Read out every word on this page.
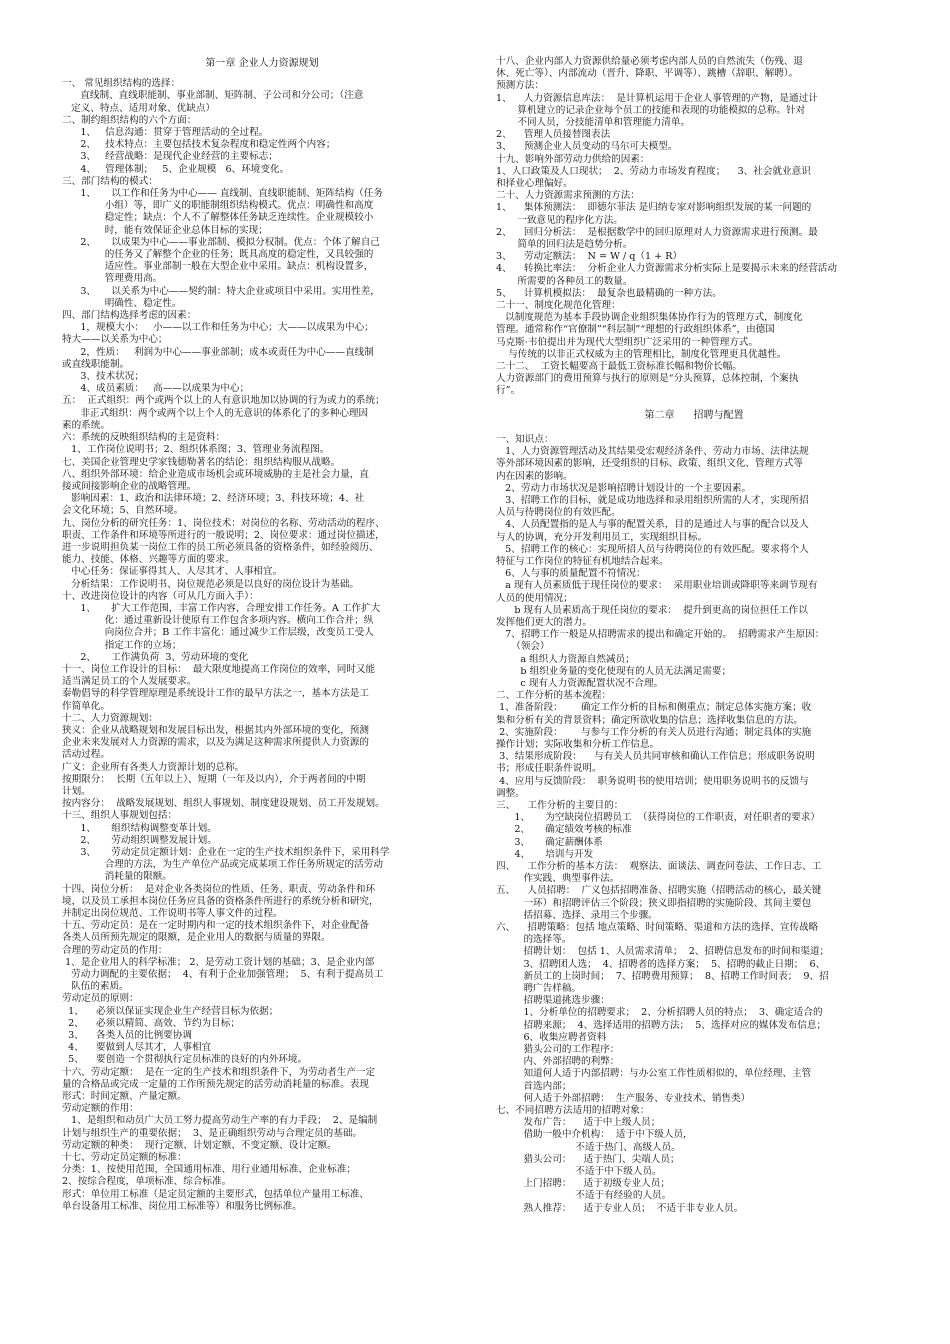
第一章 企业人力资源规划

一、 常见组织结构的选择：

直线制、直线职能制、事业部制、矩阵制、子公司和分公司；（注意

定义、特点、适用对象、优缺点）

二、制约组织结构的六个方面：

1、   信息沟通：贯穿于管理活动的全过程。

2、   技术特点：主要包括技术复杂程度和稳定性两个内容；

3、   经营战略：是现代企业经营的主要标志；

4、   管理体制；   5、企业规模   6、环境变化。

三、部门结构的模式：

1、     以工作和任务为中心—— 直线制、直线职能制、矩阵结构（任务

小组）等，即广义的职能制组织结构模式。优点：明确性和高度

稳定性；缺点：个人不了解整体任务缺乏连续性。企业规模较小

时，能有效保证企业总体目标的实现；

2、     以成果为中心——事业部制、模拟分权制。优点：个体了解自己

的任务又了解整个企业的任务；既具高度的稳定性，又具较强的

适应性。事业部制一般在大型企业中采用。缺点：机构设置多，

管理费用高。

3、     以关系为中心——契约制：特大企业或项目中采用。实用性差，

明确性、稳定性。

四、部门结构选择考虑的因素：

1，规模大小：   小——以工作和任务为中心；大——以成果为中心；

特大——以关系为中心；

2，性质：   利润为中心——事业部制；成本或责任为中心——直线制

或直线职能制。

3、技术状况；

4、成员素质：   高——以成果为中心；

五：  正式组织：两个或两个以上的人有意识地加以协调的行为或力的系统；

非正式组织：两个或两个以上个人的无意识的体系化了的多种心理因

素的系统。

六：系统的反映组织结构的主是资料：

1、工作岗位说明书；2、组织体系图；3、管理业务流程图。

七、美国企业管理史学家钱德勒著名的结论：组织结构服从战略。

八、组织外部环境：给企业造成市场机会或环境威胁的主是社会力量，直

接或间接影响企业的战略管理。

影响因素：1、政治和法律环境；2、经济环境；3、科技环境；4、社

会文化环境；5、自然环境。

九、岗位分析的研究任务：1、岗位技术：对岗位的名称、劳动活动的程序、

职责、工作条件和环境等所进行的一般说明；2、岗位要求：通过岗位描述，

进一步说明担负某一岗位工作的员工所必须具备的资格条件，如经验阅历、

能力、技能、体格、兴趣等方面的要求。

中心任务：保证事得其人、人尽其才、人事相宜。

分析结果：工作说明书、岗位规范必须是以良好的岗位设计为基础。

十、改进岗位设计的内容（可从几方面入手）：

1、     扩大工作范围，丰富工作内容，合理安排工作任务。A 工作扩大

化：通过重新设计使原有工作包含多项内容。横向工作合并；纵

向岗位合并；B 工作丰富化：通过减少工作层级，改变员工受人

指定工作的立场；

2、     工作满负荷  3、劳动环境的变化

十一、岗位工作设计的目标：  最大限度地提高工作岗位的效率，同时又能

适当满足员工的个人发展要求。

泰勒倡导的科学管理原理是系统设计工作的最早方法之一，基本方法是工

作简单化。

十二、人力资源规划：

狭义：企业从战略规划和发展目标出发，根据其内外部环境的变化，预测

企业未来发展对人力资源的需求，以及为满足这种需求所提供人力资源的

活动过程。

广义：企业所有各类人力资源计划的总称。

按期限分：  长期（五年以上）、短期（一年及以内），介于两者间的中期

计划。

按内容分：  战略发展规划、组织人事规划、制度建设规划、员工开发规划。

十三、组织人事规划包括：

1、     组织结构调整变革计划。

2、     劳动组织调整发展计划。

3、     劳动定员定额计划：企业在一定的生产技术组织条件下，采用科学

合理的方法，为生产单位产品或完成某项工作任务所规定的活劳动

消耗量的限额。

十四、岗位分析：  是对企业各类岗位的性质、任务、职责、劳动条件和环

境，以及员工承担本岗位任务应具备的资格条件所进行的系统分析和研究，

并制定出岗位规范、工作说明书等人事文件的过程。

十五、劳动定员：是在一定时期内和一定的技术组织条件下，对企业配备

各类人员所预先规定的限额，是企业用人的数据与质量的界限。

合理的劳动定员的作用：

1、是企业用人的科学标准； 2、是劳动工资计划的基础；3、是企业内部

劳动力调配的主要依据；  4、有利于企业加强管理；  5、有利于提高员工

队伍的素质。

劳动定员的原则：

1、    必须以保证实现企业生产经营目标为依据；

2、    必须以精简、高效、节约为目标；

3、    各类人员的比例要协调

4、    要做到人尽其才，人事相宜

5、    要创造一个贯彻执行定员标准的良好的内外环境。

十六、劳动定额：  是在一定的生产技术和组织条件下，为劳动者生产一定

量的合格品或完成一定量的工作所预先规定的活劳动消耗量的标准。表现

形式：时间定额、产量定额。

劳动定额的作用：

1、是组织和动员广大员工努力提高劳动生产率的有力手段；  2、是编制

计划与组织生产的重要依据；  3、是正确组织劳动与合理定员的基础。

劳动定额的种类：  现行定额、计划定额、不变定额、设计定额。

十七、劳动定员定额的标准：

分类：1、按使用范围，全国通用标准、用行业通用标准、企业标准；

2、按综合程度，单项标准、综合标准。

形式：单位用工标准（是定员定额的主要形式，包括单位产量用工标准、

单台设备用工标准、岗位用工标准等）和服务比例标准。

十八、企业内部人力资源供给量必须考虑内部人员的自然流失（伤残、退

休、死亡等）、内部流动（晋升、降职、平调等）、跳槽（辞职、解聘）。

预测方法：

1、    人力资源信息库法：  是计算机运用于企业人事管理的产物，是通过计

算机建立的记录企业每个员工的技能和表现的功能模拟的总称。针对

不同人员，分技能清单和管理能力清单。

2、    管理人员接替图表法

3、    预测企业人员变动的马尔可夫模型。

十九、影响外部劳动力供给的因素：

1、人口政策及人口现状；  2、劳动力市场发育程度；    3、社会就业意识

和择业心理偏好。

二十、人力资源需求预测的方法：

1、    集体预测法：  即德尔菲法 是归纳专家对影响组织发展的某一问题的

一致意见的程序化方法。

2、    回归分析法：  是根据数学中的回归原理对人力资源需求进行预测。最

简单的回归法是趋势分析。

3、    劳动定额法：  N = W / q（1 + R）

4、    转换比率法：  分析企业人力资源需求分析实际上是要揭示未来的经营活动

所需要的各种员工的数量。

5、    计算机模拟法：  最复杂也最精确的一种方法。

二十一、制度化规范化管理：

以制度规范为基本手段协调企业组织集体协作行为的管理方式，制度化

管理。通常称作“官僚制”“科层制”“理想的行政组织体系”，由德国

马克斯·韦伯提出并为现代大型组织广泛采用的一种管理方式。

与传统的以非正式权威为主的管理相比，制度化管理更具优越性。

二十二、  工资长幅要高于最低工资标准长幅和物价长幅。

人力资源部门的费用预算与执行的原则是“分头预算，总体控制，个案执

行”。

第二章      招聘与配置

一、知识点：

1、人力资源管理活动及其结果受宏观经济条件、劳动力市场、法律法规

等外部环境因素的影响，还受组织的目标、政策、组织文化、管理方式等

内在因素的影响。

2、劳动力市场状况是影响招聘计划设计的一个主要因素。

3、招聘工作的目标，就是成功地选择和录用组织所需的人才，实现所招

人员与待聘岗位的有效匹配。

4、人员配置指的是人与事的配置关系，目的是通过人与事的配合以及人

与人的协调，充分开发利用员工，实现组织目标。

5、招聘工作的核心：实现所招人员与待聘岗位的有效匹配。要求将个人

特征与工作岗位的特征有机地结合起来。

6、人与事的质量配置不符情况：

a 现有人员素质低于现任岗位的要求：  采用职业培训或降职等来调节现有

人员的使用情况；

b 现有人员素质高于现任岗位的要求：  提升到更高的岗位担任工作以

发挥他们更大的潜力。

7、招聘工作一般是从招聘需求的提出和确定开始的。  招聘需求产生原因：

（领会）

a 组织人力资源自然减员；

b 组织业务量的变化使现有的人员无法满足需要；

c 现有人力资源配置状况不合理。

二、工作分析的基本流程：

1、准备阶段：      确定工作分析的目标和侧重点；制定总体实施方案；收

集和分析有关的背景资料；确定所欲收集的信息；选择收集信息的方法。

2、实施阶段：      与参与工作分析的有关人员进行沟通；制定具体的实施

操作计划；实际收集和分析工作信息。

3、结果形成阶段：    与有关人员共同审核和确认工作信息；形成职务说明

书；形成任职条件说明。

4、应用与反馈阶段：  职务说明书的使用培训；使用职务说明书的反馈与

调整。

三、    工作分析的主要目的：

1、     为空缺岗位招聘员工  （获得岗位的工作职责，对任职者的要求）

2、     确定绩效考核的标准

3、     确定薪酬体系

4、     培训与开发

四、    工作分析的基本方法：  观察法、面谈法、调查问卷法、工作日志、工

作实践、典型事件法。

五、    人员招聘：  广义包括招聘准备、招聘实施（招聘活动的核心，最关键

一环）和招聘评估三个阶段；狭义即指招聘的实施阶段、其间主要包

括招募、选择、录用三个步骤。

六、    招聘策略：包括 地点策略、时间策略、渠道和方法的选择、宣传战略

的选择等。

招聘计划：  包括 1、人员需求清单；  2、招聘信息发布的时间和渠道；

3、招聘团人选；  4、招聘者的选择方案；  5、招聘的截止日期；  6、

新员工的上岗时间；  7、招聘费用预算；  8、招聘工作时间表；  9、招

聘广告样稿。

招聘渠道挑选步骤：

1、分析单位的招聘要求；  2、分析招聘人员的特点；  3、确定适合的

招聘来源；  4、选择适用的招聘方法；  5、选择对应的媒体发布信息；

6、收集应聘者资料

猎头公司的工作程序：

内、外部招聘的利弊：

知道何人适于内部招聘：与办公室工作性质相似的，单位经理、主管

首选内部；

何人适于外部招聘：  生产服务、专业技术、销售类）

七、不同招聘方法适用的招聘对象：

发布广告：    适于中上级人员；

借助一般中介机构：  适于中下级人员，

不适于热门、高级人员。

猎头公司：    适于热门、尖端人员；

不适于中下级人员。

上门招聘：    适于初级专业人员；

不适于有经验的人员。

熟人推荐：    适于专业人员；  不适于非专业人员。
